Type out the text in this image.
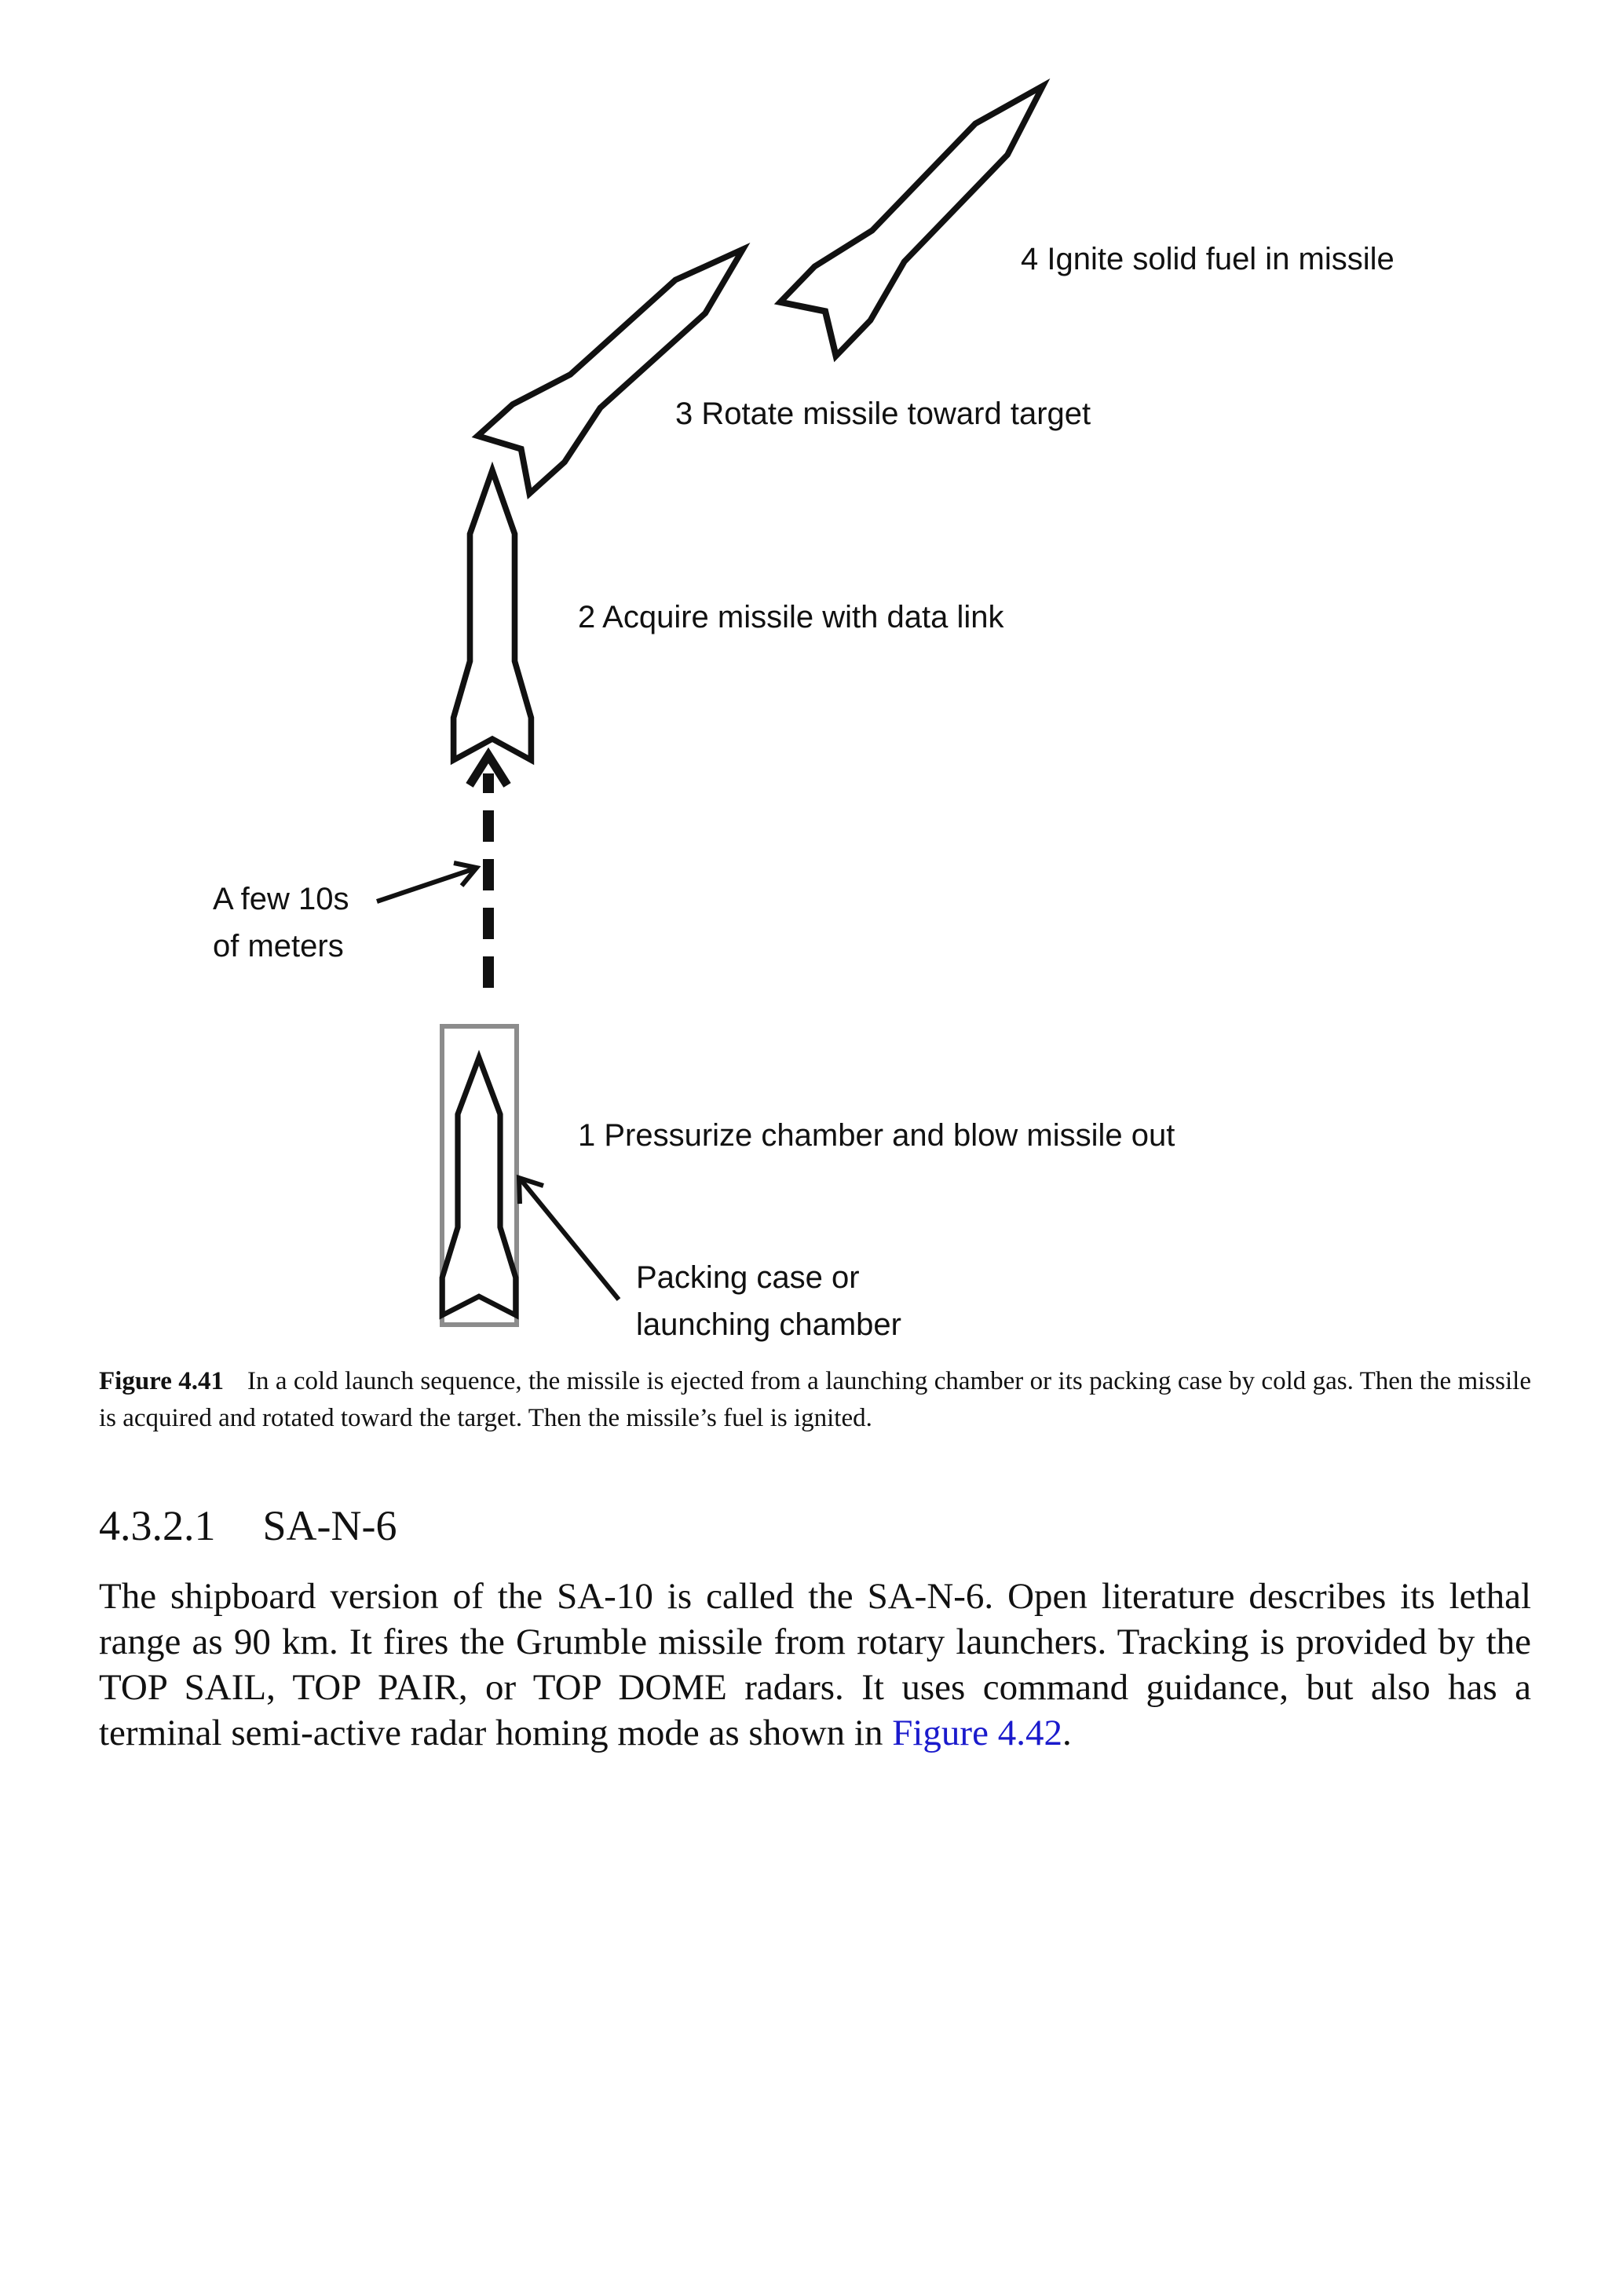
4 Ignite solid fuel in missile
3 Rotate missile toward target
2 Acquire missile with data link
1 Pressurize chamber and blow missile out
A few 10s
of meters
Packing case or
launching chamber

Figure 4.41 In a cold launch sequence, the missile is ejected from a launching chamber or its packing case by cold gas. Then the missile is acquired and rotated toward the target. Then the missile’s fuel is ignited.

4.3.2.1 SA-N-6

The shipboard version of the SA-10 is called the SA-N-6. Open literature describes its lethal range as 90 km. It fires the Grumble missile from rotary launchers. Tracking is provided by the TOP SAIL, TOP PAIR, or TOP DOME radars. It uses command guidance, but also has a terminal semi-active radar homing mode as shown in Figure 4.42.
